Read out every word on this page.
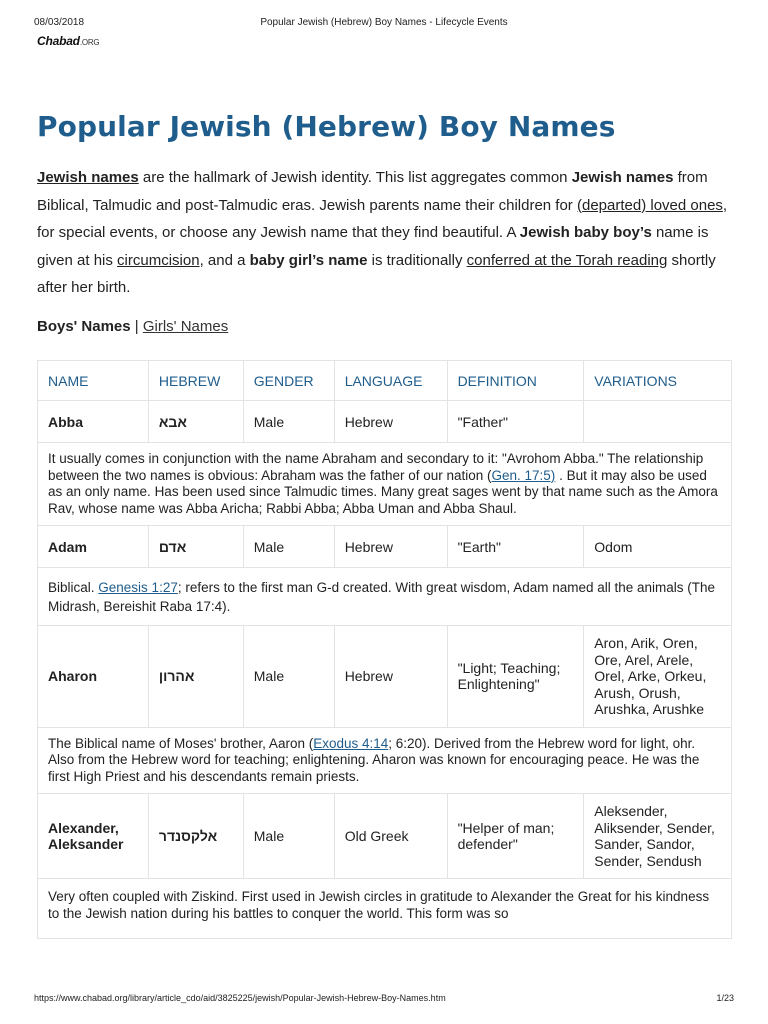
08/03/2018	Popular Jewish (Hebrew) Boy Names - Lifecycle Events
Chabad.ORG
Popular Jewish (Hebrew) Boy Names
Jewish names are the hallmark of Jewish identity. This list aggregates common Jewish names from Biblical, Talmudic and post-Talmudic eras. Jewish parents name their children for (departed) loved ones, for special events, or choose any Jewish name that they find beautiful. A Jewish baby boy’s name is given at his circumcision, and a baby girl’s name is traditionally conferred at the Torah reading shortly after her birth.
Boys' Names | Girls' Names
NAME	HEBREW	GENDER	LANGUAGE	DEFINITION	VARIATIONS
Abba	אבא	Male	Hebrew	"Father"	
It usually comes in conjunction with the name Abraham and secondary to it: "Avrohom Abba." The relationship between the two names is obvious: Abraham was the father of our nation (Gen. 17:5) . But it may also be used as an only name. Has been used since Talmudic times. Many great sages went by that name such as the Amora Rav, whose name was Abba Aricha; Rabbi Abba; Abba Uman and Abba Shaul.					
Adam	אדם	Male	Hebrew	"Earth"	Odom
Biblical. Genesis 1:27; refers to the first man G-d created. With great wisdom, Adam named all the animals (The Midrash, Bereishit Raba 17:4).					
Aharon	אהרון	Male	Hebrew	"Light; Teaching; Enlightening"	Aron, Arik, Oren, Ore, Arel, Arele, Orel, Arke, Orkeu, Arush, Orush, Arushka, Arushke
The Biblical name of Moses' brother, Aaron (Exodus 4:14; 6:20). Derived from the Hebrew word for light, ohr. Also from the Hebrew word for teaching; enlightening. Aharon was known for encouraging peace. He was the first High Priest and his descendants remain priests.					
Alexander, Aleksander	אלקסנדר	Male	Old Greek	"Helper of man; defender"	Aleksender, Aliksender, Sender, Sander, Sandor, Sender, Sendush
Very often coupled with Ziskind. First used in Jewish circles in gratitude to Alexander the Great for his kindness to the Jewish nation during his battles to conquer the world. This form was so					
https://www.chabad.org/library/article_cdo/aid/3825225/jewish/Popular-Jewish-Hebrew-Boy-Names.htm	1/23
